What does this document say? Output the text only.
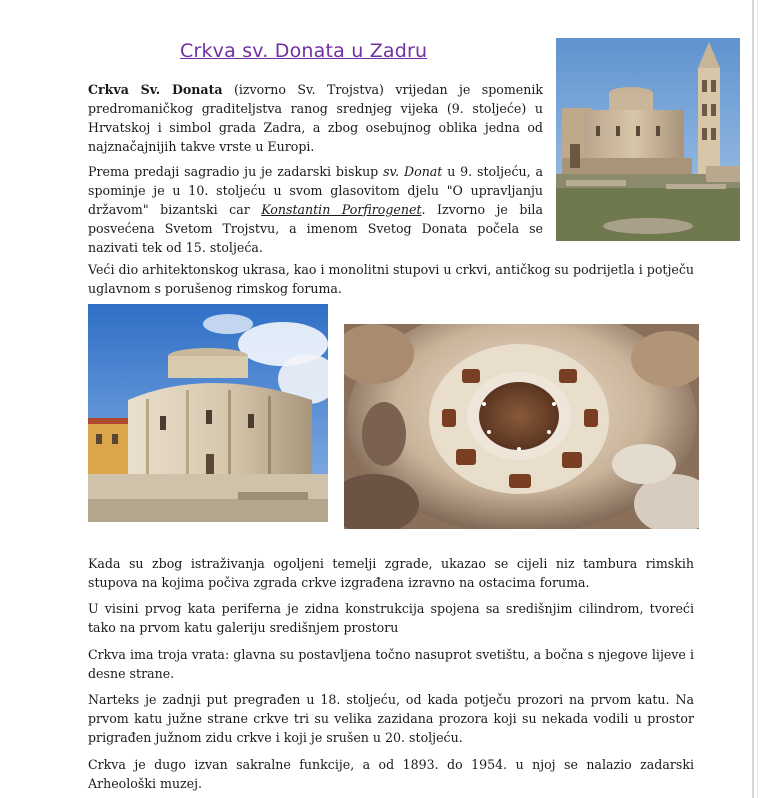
Crkva sv. Donata u Zadru

Crkva Sv. Donata (izvorno Sv. Trojstva) vrijedan je spomenik predromaničkog graditeljstva ranog srednjeg vijeka (9. stoljeće) u Hrvatskoj i simbol grada Zadra, a zbog osebujnog oblika jedna od najznačajnijih takve vrste u Europi.

Prema predaji sagradio ju je zadarski biskup sv. Donat u 9. stoljeću, a spominje je u 10. stoljeću u svom glasovitom djelu "O upravljanju državom" bizantski car Konstantin Porfirogenet. Izvorno je bila posvećena Svetom Trojstvu, a imenom Svetog Donata počela se nazivati tek od 15. stoljeća.

Veći dio arhitektonskog ukrasa, kao i monolitni stupovi u crkvi, antičkog su podrijetla i potječu uglavnom s porušenog rimskog foruma.

Kada su zbog istraživanja ogoljeni temelji zgrade, ukazao se cijeli niz tambura rimskih stupova na kojima počiva zgrada crkve izgrađena izravno na ostacima foruma.

U visini prvog kata periferna je zidna konstrukcija spojena sa središnjim cilindrom, tvoreći tako na prvom katu galeriju središnjem prostoru

Crkva ima troja vrata: glavna su postavljena točno nasuprot svetištu, a bočna s njegove lijeve i desne strane.

Narteks je zadnji put pregrađen u 18. stoljeću, od kada potječu prozori na prvom katu. Na prvom katu južne strane crkve tri su velika zazidana prozora koji su nekada vodili u prostor prigrađen južnom zidu crkve i koji je srušen u 20. stoljeću.

Crkva je dugo izvan sakralne funkcije, a od 1893. do 1954. u njoj se nalazio zadarski Arheološki muzej.
